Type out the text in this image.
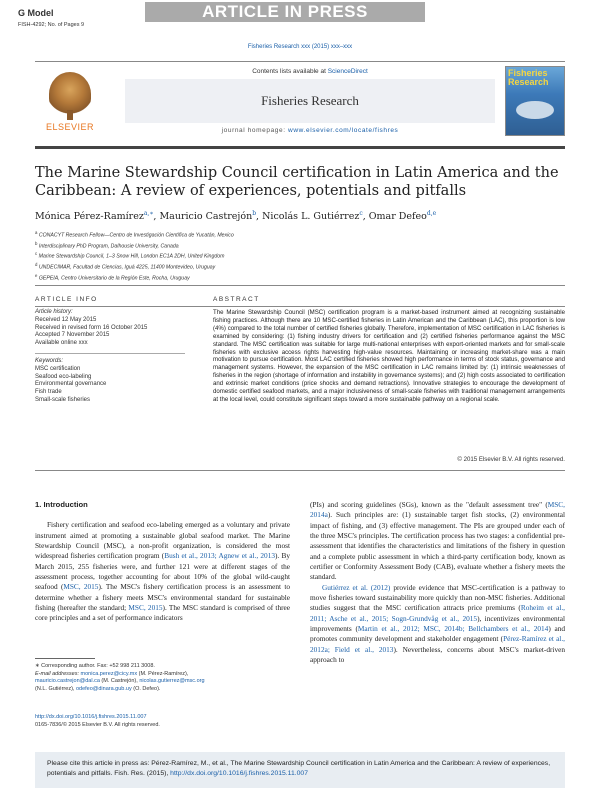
G Model
FISH-4292; No. of Pages 9
ARTICLE IN PRESS
Fisheries Research xxx (2015) xxx–xxx
ELSEVIER
Contents lists available at ScienceDirect
Fisheries Research
journal homepage: www.elsevier.com/locate/fishres
Fisheries Research
The Marine Stewardship Council certification in Latin America and the Caribbean: A review of experiences, potentials and pitfalls
Mónica Pérez-Ramírez$^{a,∗}$, Mauricio Castrejón$^b$, Nicolás L. Gutiérrez$^c$, Omar Defeo$^{d,e}$
$^a$ CONACYT Research Fellow—Centro de Investigación Científica de Yucatán, Mexico
$^b$ Interdisciplinary PhD Program, Dalhousie University, Canada
$^c$ Marine Stewardship Council, 1–3 Snow Hill, London EC1A 2DH, United Kingdom
$^d$ UNDECIMAR, Facultad de Ciencias, Iguá 4225, 11400 Montevideo, Uruguay
$^e$ GEPEIA, Centro Universitario de la Región Este, Rocha, Uruguay
ARTICLE INFO	ABSTRACT
Article history:
Received 12 May 2015
Received in revised form 16 October 2015
Accepted 7 November 2015
Available online xxx
Keywords:
MSC certification
Seafood eco-labeling
Environmental governance
Fish trade
Small-scale fisheries
The Marine Stewardship Council (MSC) certification program is a market-based instrument aimed at recognizing sustainable fishing practices. Although there are 10 MSC-certified fisheries in Latin American and the Caribbean (LAC), this proportion is low (4%) compared to the total number of certified fisheries globally. Therefore, implementation of MSC certification in LAC fisheries is examined by considering: (1) fishing industry drivers for certification and (2) certified fisheries performance against the MSC standard. The MSC certification was suitable for large multi-national enterprises with export-oriented markets and for small-scale fisheries with exclusive access rights harvesting high-value resources. Maintaining or increasing market-share was a main motivation to pursue certification. Most LAC certified fisheries showed high performance in terms of stock status, governance and management systems. However, the expansion of the MSC certification in LAC remains limited by: (1) intrinsic weaknesses of fisheries in the region (shortage of information and instability in governance systems); and (2) high costs associated to certification and extrinsic market conditions (price shocks and demand retractions). Innovative strategies to encourage the development of domestic certified seafood markets, and a major inclusiveness of small-scale fisheries with traditional management arrangements at the local level, could constitute significant steps toward a more sustainable pathway on a regional scale.
© 2015 Elsevier B.V. All rights reserved.
1. Introduction

Fishery certification and seafood eco-labeling emerged as a voluntary and private instrument aimed at promoting a sustainable global seafood market. The Marine Stewardship Council (MSC), a non-profit organization, is considered the most widespread fisheries certification program (Bush et al., 2013; Agnew et al., 2013). By March 2015, 255 fisheries were, and further 121 were at different stages of the assessment process, together accounting for about 10% of the global wild-caught seafood (MSC, 2015). The MSC's fishery certification process is an assessment to determine whether a fishery meets MSC's environmental standard for sustainable fishing (hereafter the standard; MSC, 2015). The MSC standard is comprised of three core principles and a set of performance indicators

(PIs) and scoring guidelines (SGs), known as the "default assessment tree" (MSC, 2014a). Such principles are: (1) sustainable target fish stocks, (2) environmental impact of fishing, and (3) effective management. The PIs are grouped under each of the three MSC's principles. The certification process has two stages: a confidential pre-assessment that identifies the characteristics and limitations of the fishery in question and a complete public assessment in which a third-party certification body, known as certifier or Conformity Assessment Body (CAB), evaluate whether a fishery meets the standard.

Gutiérrez et al. (2012) provide evidence that MSC-certification is a pathway to move fisheries toward sustainability more quickly than non-MSC fisheries. Additional studies suggest that the MSC certification attracts price premiums (Roheim et al., 2011; Asche et al., 2015; Sogn-Grundvåg et al., 2015), incentivizes environmental improvements (Martin et al., 2012; MSC, 2014b; Bellchambers et al., 2014) and promotes community development and stakeholder engagement (Pérez-Ramírez et al., 2012a; Field et al., 2013). Nevertheless, concerns about MSC's market-driven approach to

∗ Corresponding author. Fax: +52 998 211 3008.
E-mail addresses: monica.perez@cicy.mx (M. Pérez-Ramírez),
mauricio.castrejon@dal.ca (M. Castrejón), nicolas.gutierrez@msc.org
(N.L. Gutiérrez), odefeo@dinara.gub.uy (O. Defeo).
http://dx.doi.org/10.1016/j.fishres.2015.11.007
0165-7836/© 2015 Elsevier B.V. All rights reserved.
Please cite this article in press as: Pérez-Ramírez, M., et al., The Marine Stewardship Council certification in Latin America and the Caribbean: A review of experiences, potentials and pitfalls. Fish. Res. (2015), http://dx.doi.org/10.1016/j.fishres.2015.11.007
